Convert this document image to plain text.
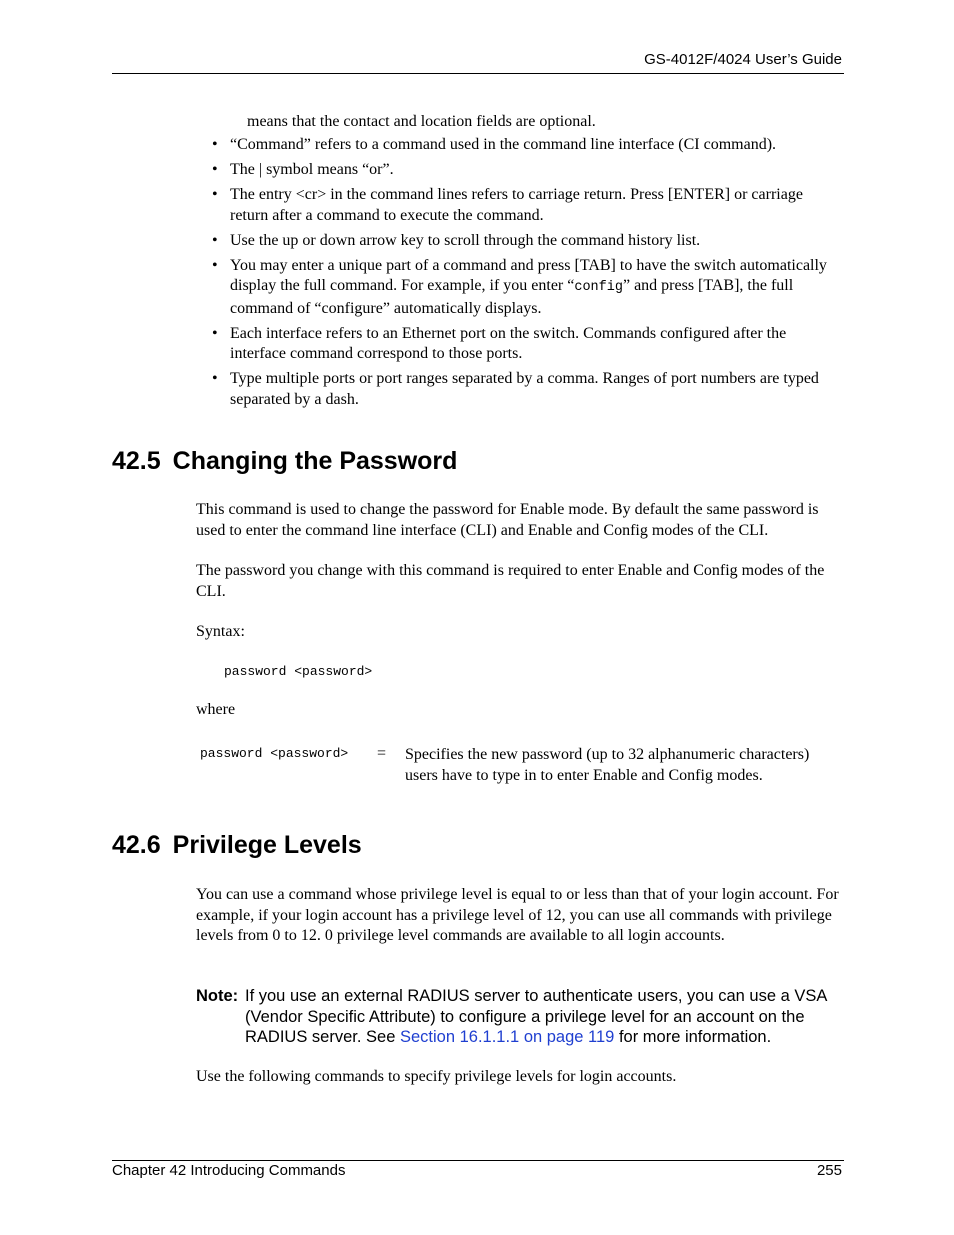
GS-4012F/4024 User’s Guide
means that the contact and location fields are optional.
• “Command” refers to a command used in the command line interface (CI command).
• The | symbol means “or”.
• The entry <cr> in the command lines refers to carriage return. Press [ENTER] or carriage return after a command to execute the command.
• Use the up or down arrow key to scroll through the command history list.
• You may enter a unique part of a command and press [TAB] to have the switch automatically display the full command. For example, if you enter “config” and press [TAB], the full command of “configure” automatically displays.
• Each interface refers to an Ethernet port on the switch. Commands configured after the interface command correspond to those ports.
• Type multiple ports or port ranges separated by a comma. Ranges of port numbers are typed separated by a dash.
42.5 Changing the Password
This command is used to change the password for Enable mode. By default the same password is used to enter the command line interface (CLI) and Enable and Config modes of the CLI.
The password you change with this command is required to enter Enable and Config modes of the CLI.
Syntax:
password <password>
where
password <password> = Specifies the new password (up to 32 alphanumeric characters) users have to type in to enter Enable and Config modes.
42.6 Privilege Levels
You can use a command whose privilege level is equal to or less than that of your login account. For example, if your login account has a privilege level of 12, you can use all commands with privilege levels from 0 to 12. 0 privilege level commands are available to all login accounts.
Note: If you use an external RADIUS server to authenticate users, you can use a VSA (Vendor Specific Attribute) to configure a privilege level for an account on the RADIUS server. See Section 16.1.1.1 on page 119 for more information.
Use the following commands to specify privilege levels for login accounts.
Chapter 42 Introducing Commands	255
